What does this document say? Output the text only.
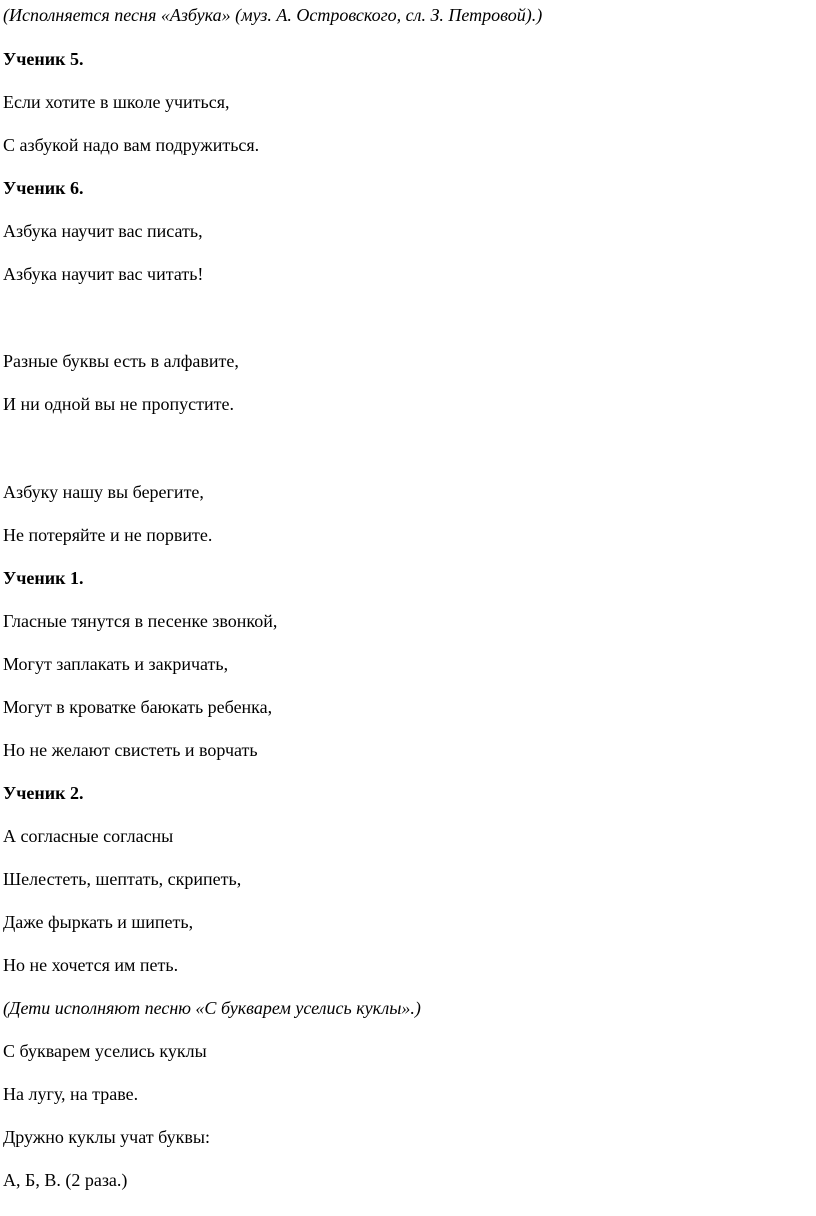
(Исполняется песня «Азбука» (муз. А. Островского, сл. З. Петровой).)

Ученик 5.

Если хотите в школе учиться,

С азбукой надо вам подружиться.

Ученик 6.

Азбука научит вас писать,

Азбука научит вас читать!

Разные буквы есть в алфавите,

И ни одной вы не пропустите.

Азбуку нашу вы берегите,

Не потеряйте и не порвите.

Ученик 1.

Гласные тянутся в песенке звонкой,

Могут заплакать и закричать,

Могут в кроватке баюкать ребенка,

Но не желают свистеть и ворчать

Ученик 2.

А согласные согласны

Шелестеть, шептать, скрипеть,

Даже фыркать и шипеть,

Но не хочется им петь.

(Дети исполняют песню «С букварем уселись куклы».)

С букварем уселись куклы

На лугу, на траве.

Дружно куклы учат буквы:

А, Б, В. (2 раза.)
